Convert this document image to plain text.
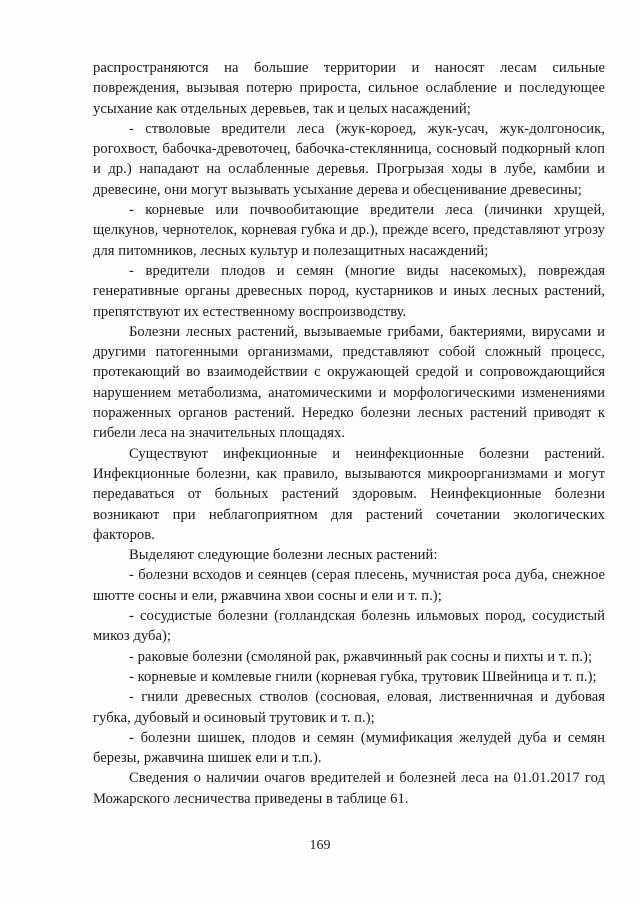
распространяются на большие территории и наносят лесам сильные повреждения, вызывая потерю прироста, сильное ослабление и последующее усыхание как отдельных деревьев, так и целых насаждений;

- стволовые вредители леса (жук-короед, жук-усач, жук-долгоносик, рогохвост, бабочка-древоточец, бабочка-стеклянница, сосновый подкорный клоп и др.) нападают на ослабленные деревья. Прогрызая ходы в лубе, камбии и древесине, они могут вызывать усыхание дерева и обесценивание древесины;

- корневые или почвообитающие вредители леса (личинки хрущей, щелкунов, чернотелок, корневая губка и др.), прежде всего, представляют угрозу для питомников, лесных культур и полезащитных насаждений;

- вредители плодов и семян (многие виды насекомых), повреждая генеративные органы древесных пород, кустарников и иных лесных растений, препятствуют их естественному воспроизводству.

Болезни лесных растений, вызываемые грибами, бактериями, вирусами и другими патогенными организмами, представляют собой сложный процесс, протекающий во взаимодействии с окружающей средой и сопровождающийся нарушением метаболизма, анатомическими и морфологическими изменениями пораженных органов растений. Нередко болезни лесных растений приводят к гибели леса на значительных площадях.

Существуют инфекционные и неинфекционные болезни растений. Инфекционные болезни, как правило, вызываются микроорганизмами и могут передаваться от больных растений здоровым. Неинфекционные болезни возникают при неблагоприятном для растений сочетании экологических факторов.

Выделяют следующие болезни лесных растений:

- болезни всходов и сеянцев (серая плесень, мучнистая роса дуба, снежное шютте сосны и ели, ржавчина хвои сосны и ели и т. п.);

- сосудистые болезни (голландская болезнь ильмовых пород, сосудистый микоз дуба);

- раковые болезни (смоляной рак, ржавчинный рак сосны и пихты и т. п.);

- корневые и комлевые гнили (корневая губка, трутовик Швейница и т. п.);

- гнили древесных стволов (сосновая, еловая, лиственничная и дубовая губка, дубовый и осиновый трутовик и т. п.);

- болезни шишек, плодов и семян (мумификация желудей дуба и семян березы, ржавчина шишек ели и т.п.).

Сведения о наличии очагов вредителей и болезней леса на 01.01.2017 год Можарского лесничества приведены в таблице 61.

169
